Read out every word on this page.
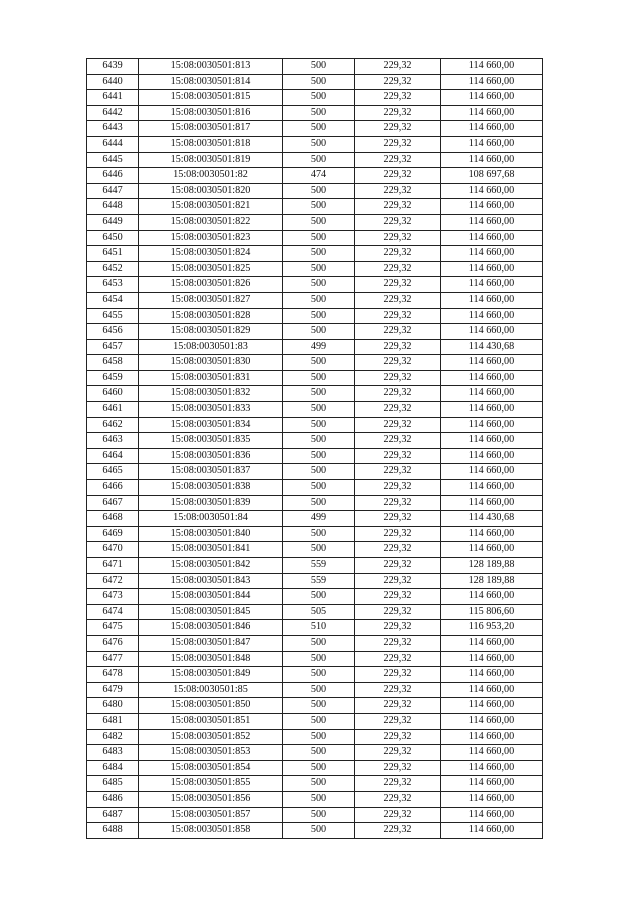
6439	15:08:0030501:813	500	229,32	114 660,00
6440	15:08:0030501:814	500	229,32	114 660,00
6441	15:08:0030501:815	500	229,32	114 660,00
6442	15:08:0030501:816	500	229,32	114 660,00
6443	15:08:0030501:817	500	229,32	114 660,00
6444	15:08:0030501:818	500	229,32	114 660,00
6445	15:08:0030501:819	500	229,32	114 660,00
6446	15:08:0030501:82	474	229,32	108 697,68
6447	15:08:0030501:820	500	229,32	114 660,00
6448	15:08:0030501:821	500	229,32	114 660,00
6449	15:08:0030501:822	500	229,32	114 660,00
6450	15:08:0030501:823	500	229,32	114 660,00
6451	15:08:0030501:824	500	229,32	114 660,00
6452	15:08:0030501:825	500	229,32	114 660,00
6453	15:08:0030501:826	500	229,32	114 660,00
6454	15:08:0030501:827	500	229,32	114 660,00
6455	15:08:0030501:828	500	229,32	114 660,00
6456	15:08:0030501:829	500	229,32	114 660,00
6457	15:08:0030501:83	499	229,32	114 430,68
6458	15:08:0030501:830	500	229,32	114 660,00
6459	15:08:0030501:831	500	229,32	114 660,00
6460	15:08:0030501:832	500	229,32	114 660,00
6461	15:08:0030501:833	500	229,32	114 660,00
6462	15:08:0030501:834	500	229,32	114 660,00
6463	15:08:0030501:835	500	229,32	114 660,00
6464	15:08:0030501:836	500	229,32	114 660,00
6465	15:08:0030501:837	500	229,32	114 660,00
6466	15:08:0030501:838	500	229,32	114 660,00
6467	15:08:0030501:839	500	229,32	114 660,00
6468	15:08:0030501:84	499	229,32	114 430,68
6469	15:08:0030501:840	500	229,32	114 660,00
6470	15:08:0030501:841	500	229,32	114 660,00
6471	15:08:0030501:842	559	229,32	128 189,88
6472	15:08:0030501:843	559	229,32	128 189,88
6473	15:08:0030501:844	500	229,32	114 660,00
6474	15:08:0030501:845	505	229,32	115 806,60
6475	15:08:0030501:846	510	229,32	116 953,20
6476	15:08:0030501:847	500	229,32	114 660,00
6477	15:08:0030501:848	500	229,32	114 660,00
6478	15:08:0030501:849	500	229,32	114 660,00
6479	15:08:0030501:85	500	229,32	114 660,00
6480	15:08:0030501:850	500	229,32	114 660,00
6481	15:08:0030501:851	500	229,32	114 660,00
6482	15:08:0030501:852	500	229,32	114 660,00
6483	15:08:0030501:853	500	229,32	114 660,00
6484	15:08:0030501:854	500	229,32	114 660,00
6485	15:08:0030501:855	500	229,32	114 660,00
6486	15:08:0030501:856	500	229,32	114 660,00
6487	15:08:0030501:857	500	229,32	114 660,00
6488	15:08:0030501:858	500	229,32	114 660,00
